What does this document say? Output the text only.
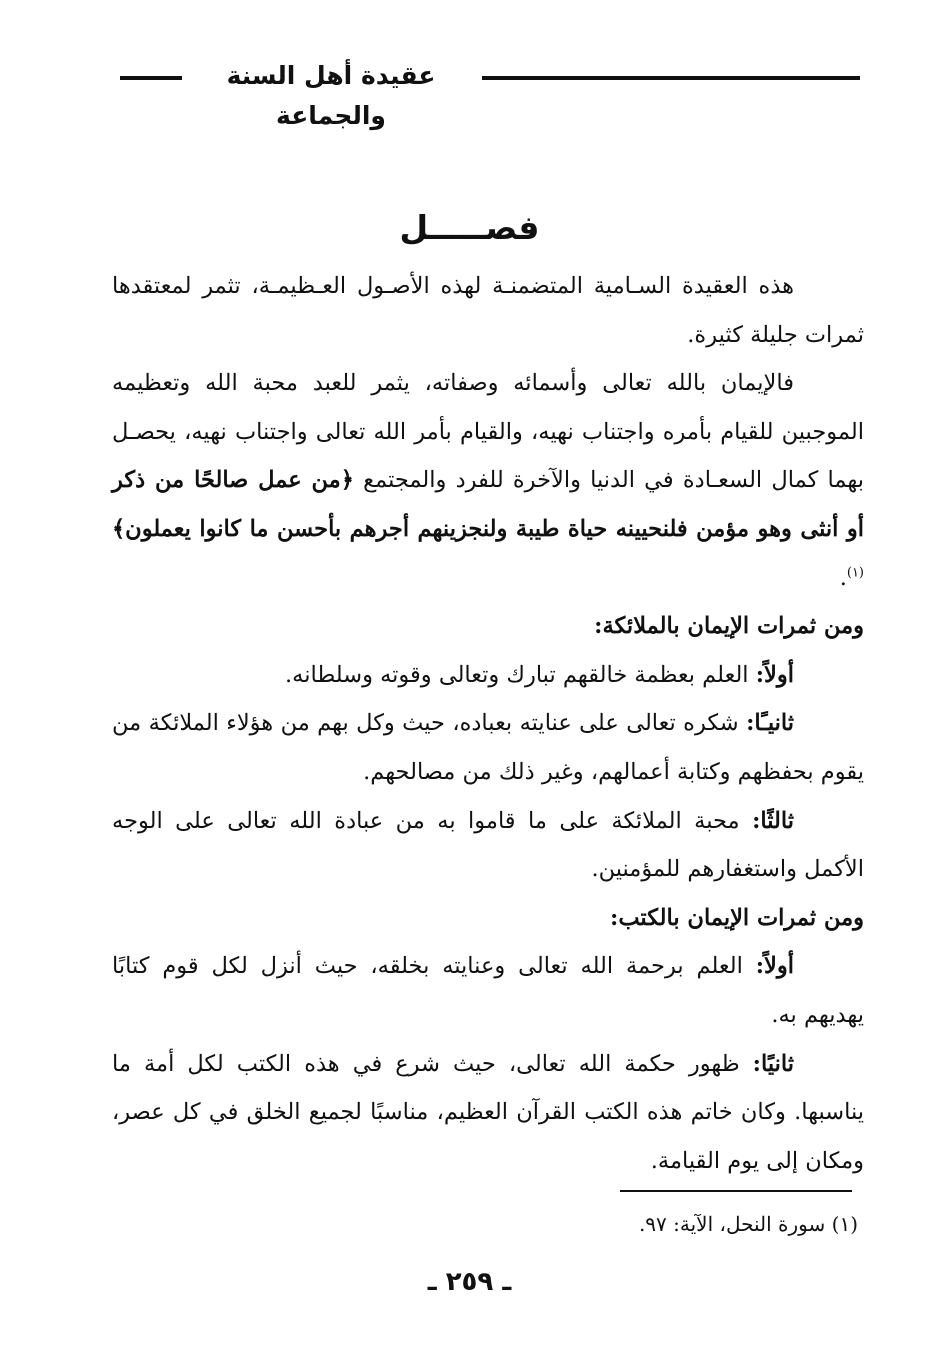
عقيدة أهل السنة والجماعة
فصـــــل

هذه العقيدة السـامية المتضمنـة لهذه الأصـول العـظيمـة، تثمر لمعتقدها ثمرات جليلة كثيرة.

فالإيمان بالله تعالى وأسمائه وصفاته، يثمر للعبد محبة الله وتعظيمه الموجبين للقيام بأمره واجتناب نهيه، والقيام بأمر الله تعالى واجتناب نهيه، يحصـل بهما كمال السعـادة في الدنيا والآخرة للفرد والمجتمع ﴿من عمل صالحًا من ذكر أو أنثى وهو مؤمن فلنحيينه حياة طيبة ولنجزينهم أجرهم بأحسن ما كانوا يعملون﴾$^{(١)}$.

ومن ثمرات الإيمان بالملائكة:

أولاً: العلم بعظمة خالقهم تبارك وتعالى وقوته وسلطانه.

ثانيـًا: شكره تعالى على عنايته بعباده، حيث وكل بهم من هؤلاء الملائكة من يقوم بحفظهم وكتابة أعمالهم، وغير ذلك من مصالحهم.

ثالثًا: محبة الملائكة على ما قاموا به من عبادة الله تعالى على الوجه الأكمل واستغفارهم للمؤمنين.

ومن ثمرات الإيمان بالكتب:

أولاً: العلم برحمة الله تعالى وعنايته بخلقه، حيث أنزل لكل قوم كتابًا يهديهم به.

ثانيًا: ظهور حكمة الله تعالى، حيث شرع في هذه الكتب لكل أمة ما يناسبها. وكان خاتم هذه الكتب القرآن العظيم، مناسبًا لجميع الخلق في كل عصر، ومكان إلى يوم القيامة.

(١) سورة النحل، الآية: ٩٧.
ـ ٢٥٩ ـ
